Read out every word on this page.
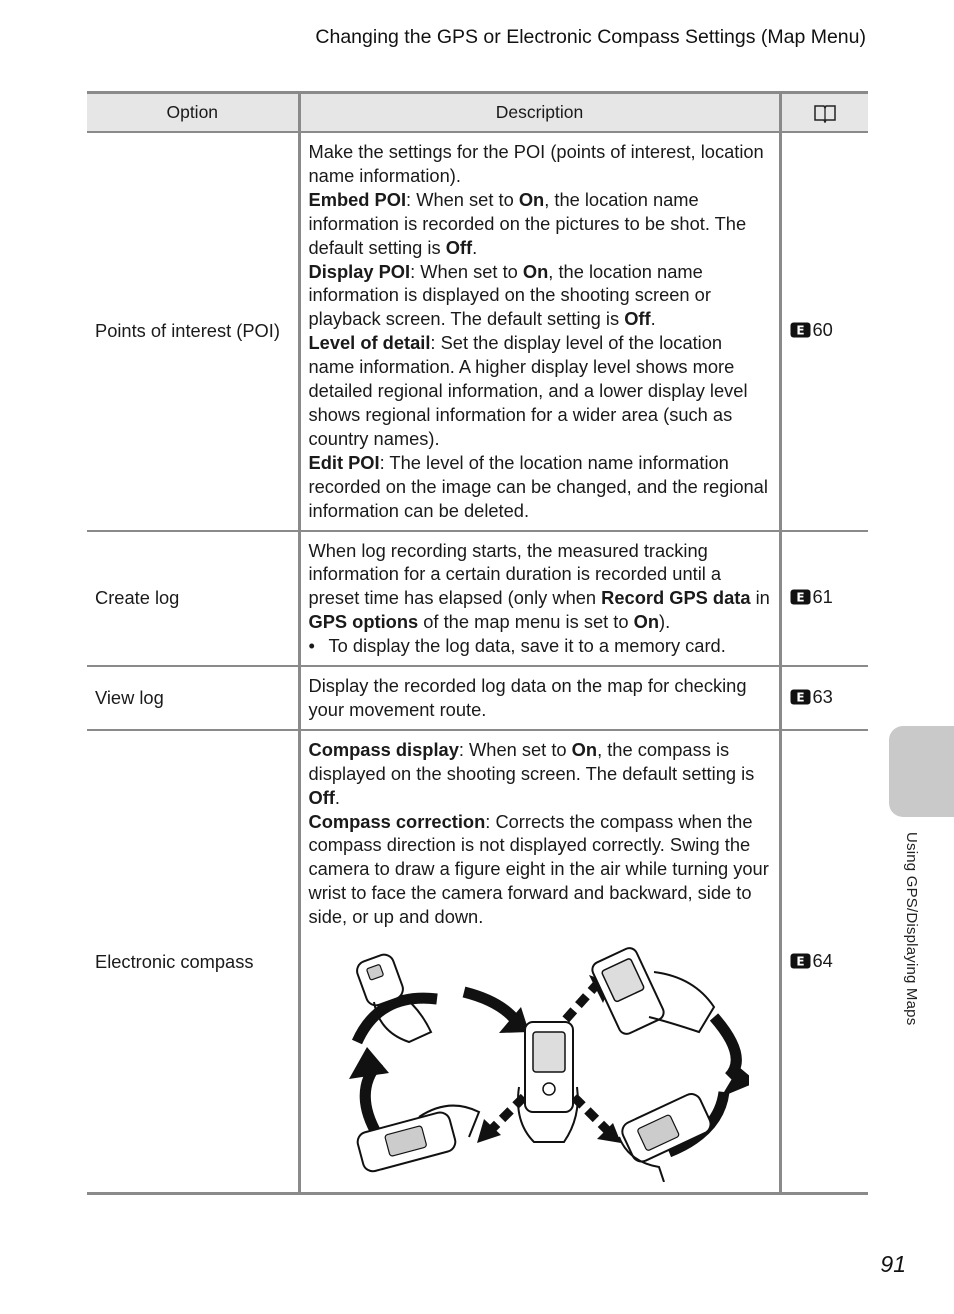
Changing the GPS or Electronic Compass Settings (Map Menu)
Option	Description	
Points of interest (POI)	Make the settings for the POI (points of interest, location name information).
Embed POI: When set to On, the location name information is recorded on the pictures to be shot. The default setting is Off.
Display POI: When set to On, the location name information is displayed on the shooting screen or playback screen. The default setting is Off.
Level of detail: Set the display level of the location name information. A higher display level shows more detailed regional information, and a lower display level shows regional information for a wider area (such as country names).
Edit POI: The level of the location name information recorded on the image can be changed, and the regional information can be deleted.	E 60

Create log	When log recording starts, the measured tracking information for a certain duration is recorded until a preset time has elapsed (only when Record GPS data in GPS options of the map menu is set to On).
• To display the log data, save it to a memory card.	E 61

View log	Display the recorded log data on the map for checking your movement route.	E 63

Electronic compass	Compass display: When set to On, the compass is displayed on the shooting screen. The default setting is Off.
Compass correction: Corrects the compass when the compass direction is not displayed correctly. Swing the camera to draw a figure eight in the air while turning your wrist to face the camera forward and backward, side to side, or up and down.	E 64	Using GPS/Displaying Maps
91
